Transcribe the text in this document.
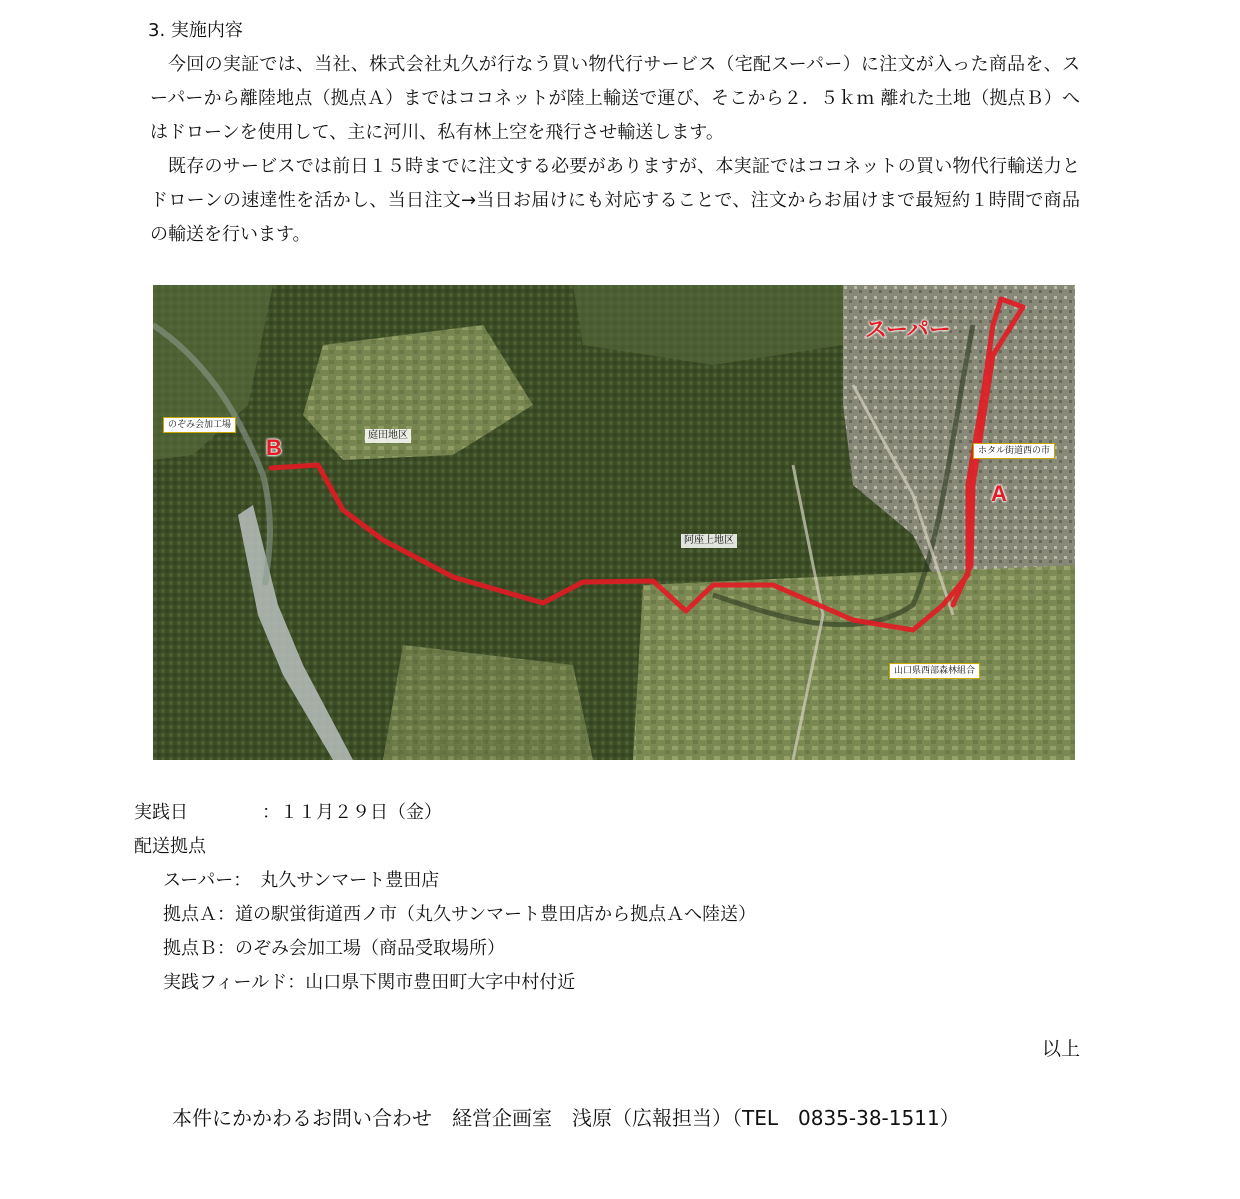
3. 実施内容

今回の実証では、当社、株式会社丸久が行なう買い物代行サービス（宅配スーパー）に注文が入った商品を、スーパーから離陸地点（拠点Ａ）まではココネットが陸上輸送で運び、そこから２．５ｋｍ 離れた土地（拠点Ｂ）へはドローンを使用して、主に河川、私有林上空を飛行させ輸送します。

既存のサービスでは前日１５時までに注文する必要がありますが、本実証ではココネットの買い物代行輸送力とドローンの速達性を活かし、当日注文→当日お届けにも対応することで、注文からお届けまで最短約１時間で商品の輸送を行います。

のぞみ会加工場
B
スーパー
ホタル街道西の市
A
庭田地区
阿座上地区
山口県西部森林組合
実践日	：１１月２９日（金）
配送拠点
スーパー：　丸久サンマート豊田店
拠点Ａ：道の駅蛍街道西ノ市（丸久サンマート豊田店から拠点Ａへ陸送）
拠点Ｂ：のぞみ会加工場（商品受取場所）
実践フィールド：山口県下関市豊田町大字中村付近
以上
本件にかかわるお問い合わせ　経営企画室　浅原（広報担当）（TEL　0835-38-1511）
